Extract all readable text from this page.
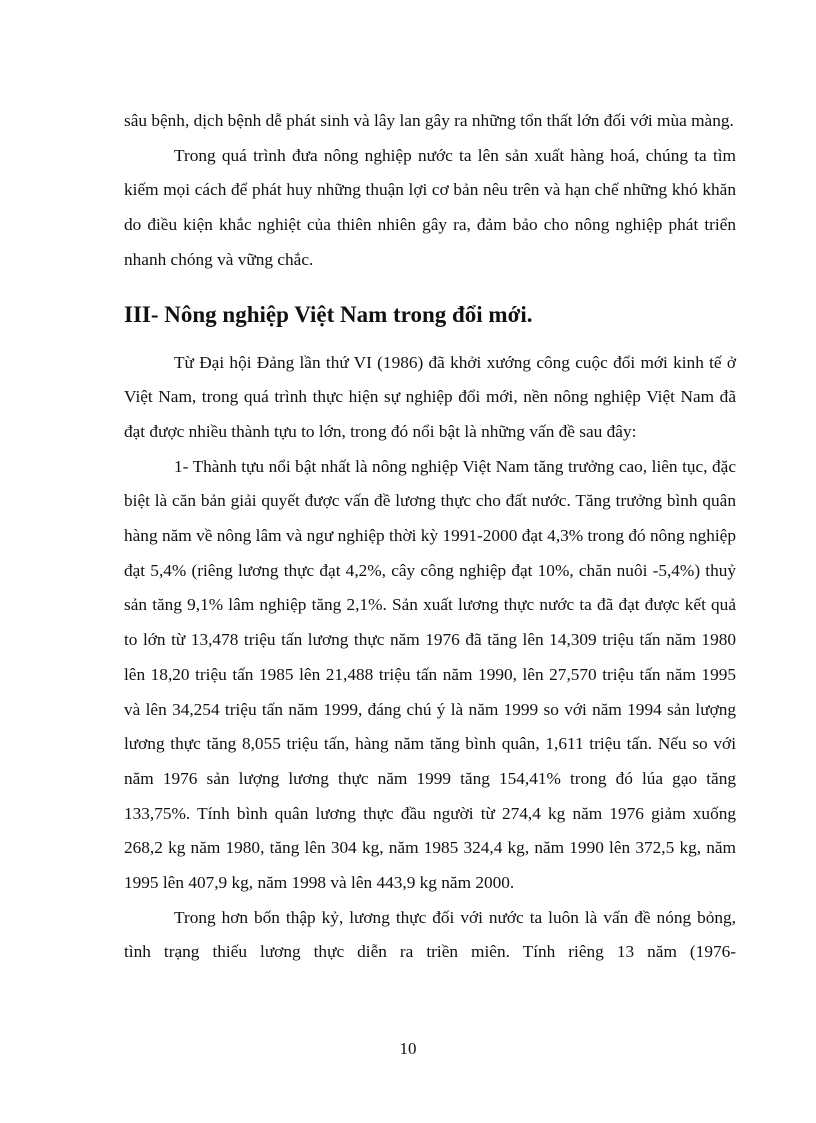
sâu bệnh, dịch bệnh dễ phát sinh và lây lan gây ra những tổn thất lớn đối với mùa màng.

Trong quá trình đưa nông nghiệp nước ta lên sản xuất hàng hoá, chúng ta tìm kiếm mọi cách để phát huy những thuận lợi cơ bản nêu trên và hạn chế những khó khăn do điều kiện khắc nghiệt của thiên nhiên gây ra, đảm bảo cho nông nghiệp phát triển nhanh chóng và vững chắc.

III- Nông nghiệp Việt Nam trong đổi mới.

Từ Đại hội Đảng lần thứ VI (1986) đã khởi xướng công cuộc đổi mới kinh tế ở Việt Nam, trong quá trình thực hiện sự nghiệp đổi mới, nền nông nghiệp Việt Nam đã đạt được nhiều thành tựu to lớn, trong đó nổi bật là những vấn đề sau đây:

1- Thành tựu nổi bật nhất là nông nghiệp Việt Nam tăng trưởng cao, liên tục, đặc biệt là căn bản giải quyết được vấn đề lương thực cho đất nước. Tăng trưởng bình quân hàng năm về nông lâm và ngư nghiệp thời kỳ 1991-2000 đạt 4,3% trong đó nông nghiệp đạt 5,4% (riêng lương thực đạt 4,2%, cây công nghiệp đạt 10%, chăn nuôi -5,4%) thuỷ sản tăng 9,1% lâm nghiệp tăng 2,1%. Sản xuất lương thực nước ta đã đạt được kết quả to lớn từ 13,478 triệu tấn lương thực năm 1976 đã tăng lên 14,309 triệu tấn năm 1980 lên 18,20 triệu tấn 1985 lên 21,488 triệu tấn năm 1990, lên 27,570 triệu tấn năm 1995 và lên 34,254 triệu tấn năm 1999, đáng chú ý là năm 1999 so với năm 1994 sản lượng lương thực tăng 8,055 triệu tấn, hàng năm tăng bình quân, 1,611 triệu tấn. Nếu so với năm 1976 sản lượng lương thực năm 1999 tăng 154,41% trong đó lúa gạo tăng 133,75%. Tính bình quân lương thực đầu người từ 274,4 kg năm 1976 giảm xuống 268,2 kg năm 1980, tăng lên 304 kg, năm 1985 324,4 kg, năm 1990 lên 372,5 kg, năm 1995 lên 407,9 kg, năm 1998 và lên 443,9 kg năm 2000.

Trong hơn bốn thập kỷ, lương thực đối với nước ta luôn là vấn đề nóng bỏng, tình trạng thiếu lương thực diễn ra triền miên. Tính riêng 13 năm (1976-

10
